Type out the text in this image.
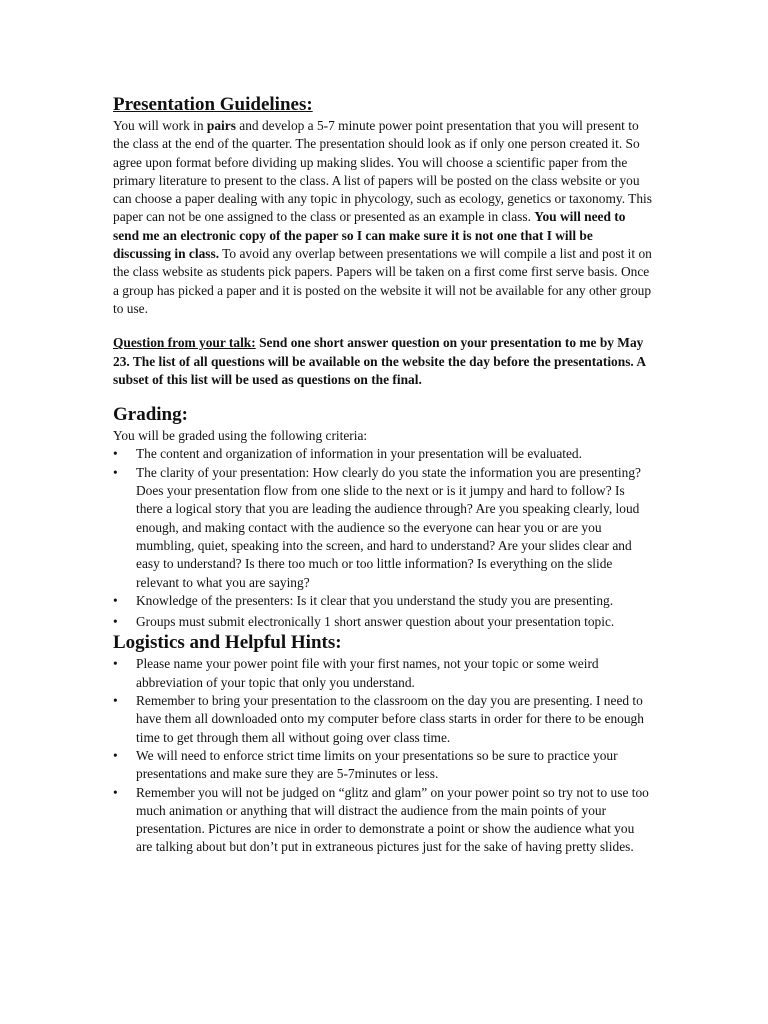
Presentation Guidelines:

You will work in pairs and develop a 5-7 minute power point presentation that you will present to the class at the end of the quarter. The presentation should look as if only one person created it. So agree upon format before dividing up making slides. You will choose a scientific paper from the primary literature to present to the class. A list of papers will be posted on the class website or you can choose a paper dealing with any topic in phycology, such as ecology, genetics or taxonomy. This paper can not be one assigned to the class or presented as an example in class. You will need to send me an electronic copy of the paper so I can make sure it is not one that I will be discussing in class. To avoid any overlap between presentations we will compile a list and post it on the class website as students pick papers. Papers will be taken on a first come first serve basis. Once a group has picked a paper and it is posted on the website it will not be available for any other group to use.

Question from your talk: Send one short answer question on your presentation to me by May 23. The list of all questions will be available on the website the day before the presentations. A subset of this list will be used as questions on the final.

Grading:

You will be graded using the following criteria:

•	The content and organization of information in your presentation will be evaluated.
•	The clarity of your presentation: How clearly do you state the information you are presenting? Does your presentation flow from one slide to the next or is it jumpy and hard to follow? Is there a logical story that you are leading the audience through? Are you speaking clearly, loud enough, and making contact with the audience so the everyone can hear you or are you mumbling, quiet, speaking into the screen, and hard to understand? Are your slides clear and easy to understand? Is there too much or too little information? Is everything on the slide relevant to what you are saying?
•	Knowledge of the presenters: Is it clear that you understand the study you are presenting.
•	Groups must submit electronically 1 short answer question about your presentation topic.
Logistics and Helpful Hints:
•	Please name your power point file with your first names, not your topic or some weird abbreviation of your topic that only you understand.
•	Remember to bring your presentation to the classroom on the day you are presenting. I need to have them all downloaded onto my computer before class starts in order for there to be enough time to get through them all without going over class time.
•	We will need to enforce strict time limits on your presentations so be sure to practice your presentations and make sure they are 5-7minutes or less.
•	Remember you will not be judged on “glitz and glam” on your power point so try not to use too much animation or anything that will distract the audience from the main points of your presentation. Pictures are nice in order to demonstrate a point or show the audience what you are talking about but don’t put in extraneous pictures just for the sake of having pretty slides.
